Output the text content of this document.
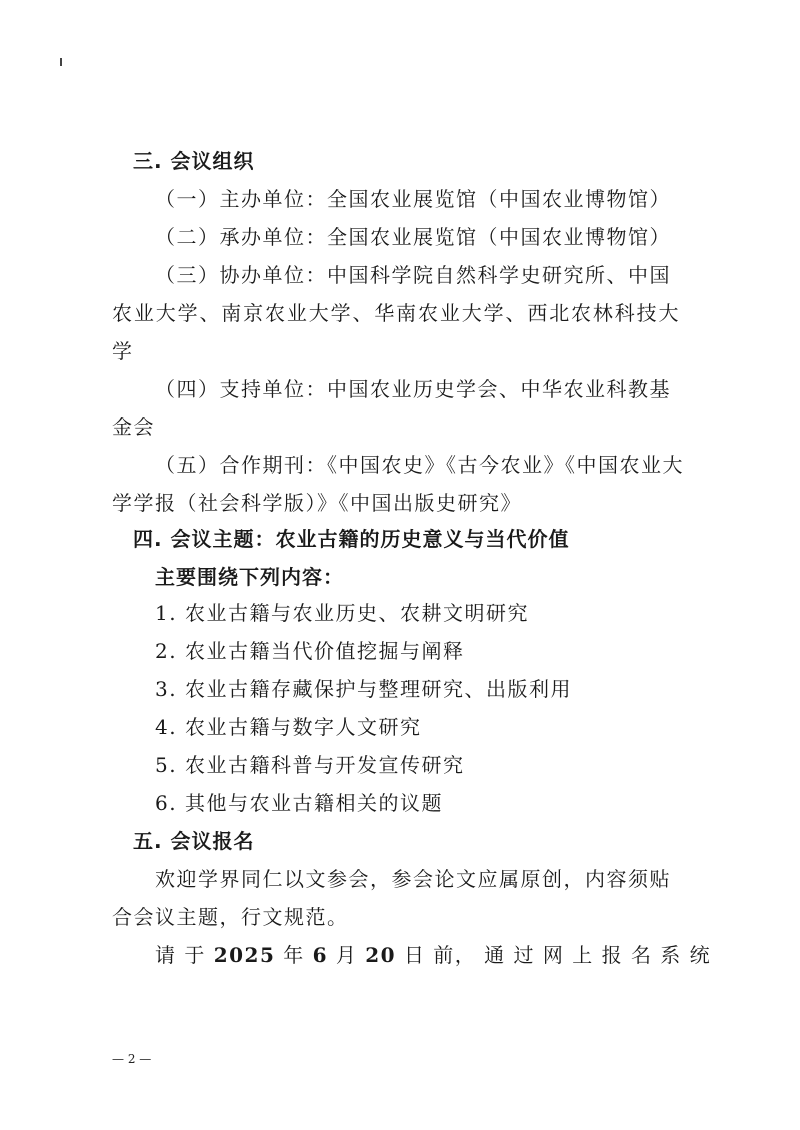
三. 会议组织
（一）主办单位：全国农业展览馆（中国农业博物馆）
（二）承办单位：全国农业展览馆（中国农业博物馆）
（三）协办单位：中国科学院自然科学史研究所、中国
农业大学、南京农业大学、华南农业大学、西北农林科技大
学
（四）支持单位：中国农业历史学会、中华农业科教基
金会
（五）合作期刊：《中国农史》《古今农业》《中国农业大
学学报（社会科学版）》《中国出版史研究》
四. 会议主题：农业古籍的历史意义与当代价值
主要围绕下列内容：
1. 农业古籍与农业历史、农耕文明研究
2. 农业古籍当代价值挖掘与阐释
3. 农业古籍存藏保护与整理研究、出版利用
4. 农业古籍与数字人文研究
5. 农业古籍科普与开发宣传研究
6. 其他与农业古籍相关的议题
五. 会议报名
欢迎学界同仁以文参会，参会论文应属原创，内容须贴
合会议主题，行文规范。
请 于 2025 年 6 月 20 日 前， 通 过 网 上 报 名 系 统
— 2 —
